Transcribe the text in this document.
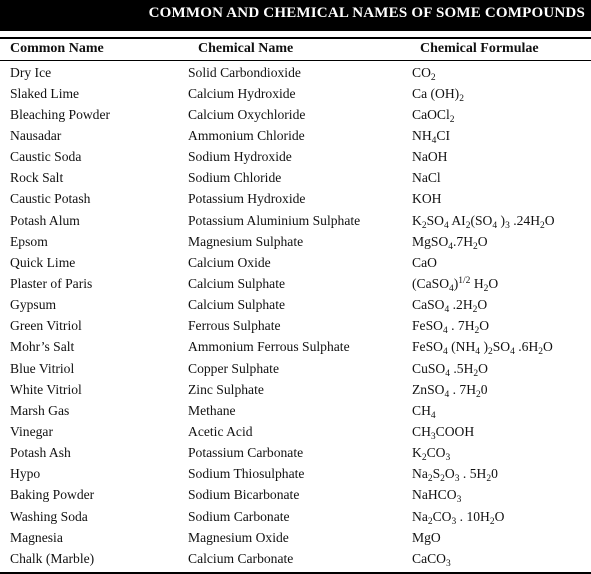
COMMON AND CHEMICAL NAMES OF SOME COMPOUNDS
Common Name	Chemical Name	Chemical Formulae
Dry Ice	Solid Carbondioxide	$CO_2$
Slaked Lime	Calcium Hydroxide	Ca $(OH)_2$
Bleaching Powder	Calcium Oxychloride	CaOCl$_2$
Nausadar	Ammonium Chloride	$NH_4CI$
Caustic Soda	Sodium Hydroxide	NaOH
Rock Salt	Sodium Chloride	NaCl
Caustic Potash	Potassium Hydroxide	KOH
Potash Alum	Potassium Aluminium Sulphate	$K_2SO_4$ $AI_2(SO_4$ )$_3$ $.24H_2O$
Epsom	Magnesium Sulphate	$MgSO_4.7H_2O$
Quick Lime	Calcium Oxide	CaO
Plaster of Paris	Calcium Sulphate	(CaSO$_4$)$^{1/2}$ $H_2O$
Gypsum	Calcium Sulphate	CaSO$_4$ $.2H_2O$
Green Vitriol	Ferrous Sulphate	FeSO$_4$ . $7H_2O$
Mohr’s Salt	Ammonium Ferrous Sulphate	FeSO$_4$ ($NH_4$ )$_2SO_4$ $.6H_2O$
Blue Vitriol	Copper Sulphate	CuSO$_4$ $.5H_2O$
White Vitriol	Zinc Sulphate	ZnSO$_4$ . $7H_20$
Marsh Gas	Methane	$CH_4$
Vinegar	Acetic Acid	$CH_3COOH$
Potash Ash	Potassium Carbonate	$K_2CO_3$
Hypo	Sodium Thiosulphate	$Na_2S_2O_3$ . $5H_20$
Baking Powder	Sodium Bicarbonate	NaHCO$_3$
Washing Soda	Sodium Carbonate	$Na_2CO_3$ . $10H_2O$
Magnesia	Magnesium Oxide	MgO
Chalk (Marble)	Calcium Carbonate	CaCO$_3$
